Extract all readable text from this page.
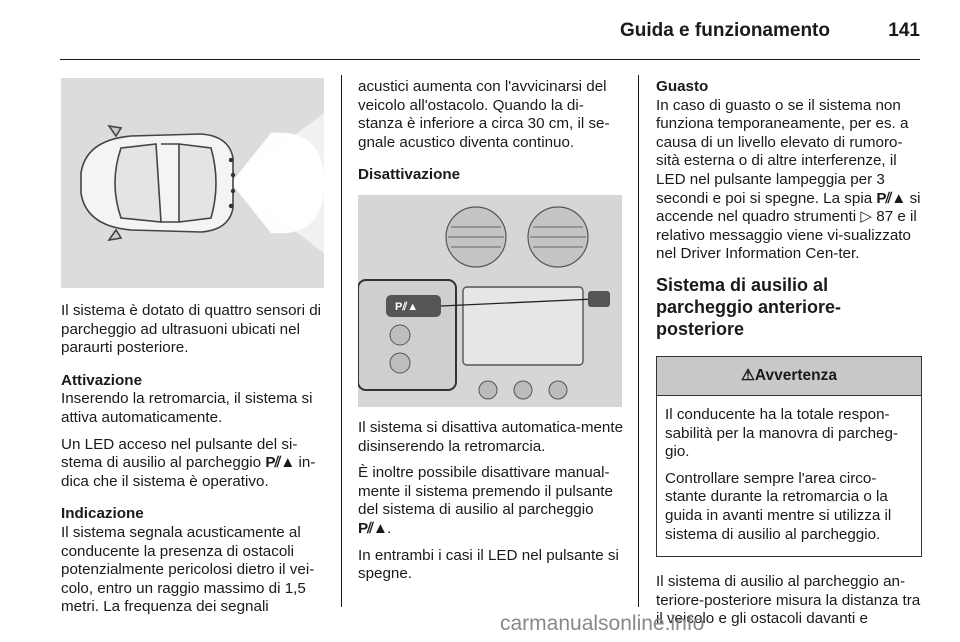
Guida e funzionamento	141

Il sistema è dotato di quattro sensori di parcheggio ad ultrasuoni ubicati nel paraurti posteriore.

Attivazione

Inserendo la retromarcia, il sistema si attiva automaticamente.

Un LED acceso nel pulsante del si-stema di ausilio al parcheggio P⫽▲ in-dica che il sistema è operativo.

Indicazione

Il sistema segnala acusticamente al conducente la presenza di ostacoli potenzialmente pericolosi dietro il vei-colo, entro un raggio massimo di 1,5 metri. La frequenza dei segnali

acustici aumenta con l'avvicinarsi del veicolo all'ostacolo. Quando la di-stanza è inferiore a circa 30 cm, il se-gnale acustico diventa continuo.

Disattivazione

P⫽▲

Il sistema si disattiva automatica-mente disinserendo la retromarcia.

È inoltre possibile disattivare manual-mente il sistema premendo il pulsante del sistema di ausilio al parcheggio P⫽▲.

In entrambi i casi il LED nel pulsante si spegne.

Guasto

In caso di guasto o se il sistema non funziona temporaneamente, per es. a causa di un livello elevato di rumoro-sità esterna o di altre interferenze, il LED nel pulsante lampeggia per 3 secondi e poi si spegne. La spia P⫽▲ si accende nel quadro strumenti ▷ 87 e il relativo messaggio viene vi-sualizzato nel Driver Information Cen-ter.

Sistema di ausilio al parcheggio anteriore-posteriore
⚠Avvertenza

Il conducente ha la totale respon-sabilità per la manovra di parcheg-gio.

Controllare sempre l'area circo-stante durante la retromarcia o la guida in avanti mentre si utilizza il sistema di ausilio al parcheggio.

Il sistema di ausilio al parcheggio an-teriore-posteriore misura la distanza tra il veicolo e gli ostacoli davanti e

carmanualsonline.info
